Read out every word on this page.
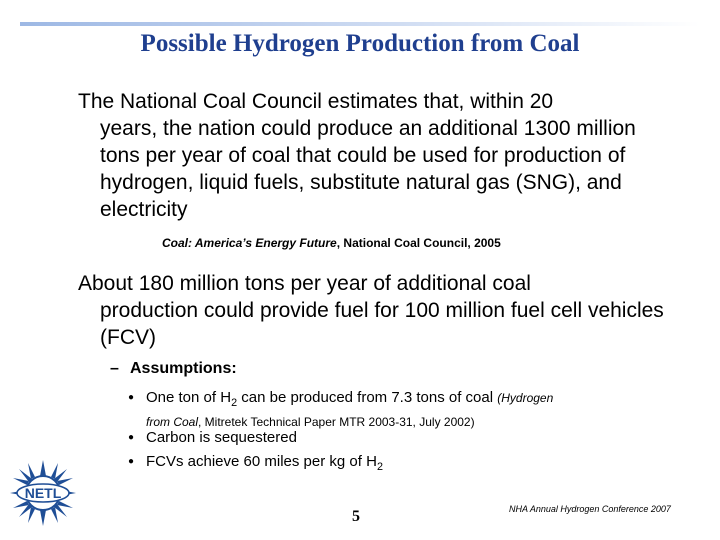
Possible Hydrogen Production from Coal
The National Coal Council estimates that, within 20
years, the nation could produce an additional 1300 million tons per year of coal that could be used for production of hydrogen, liquid fuels, substitute natural gas (SNG), and electricity
Coal: America’s Energy Future, National Coal Council, 2005
About 180 million tons per year of additional coal
production could provide fuel for 100 million fuel cell vehicles (FCV)
– Assumptions:
● One ton of $H_2$ can be produced from 7.3 tons of coal (Hydrogen
from Coal, Mitretek Technical Paper MTR 2003-31, July 2002)
● Carbon is sequestered
● FCVs achieve 60 miles per kg of $H_2$
NETL
5	NHA Annual Hydrogen Conference 2007
